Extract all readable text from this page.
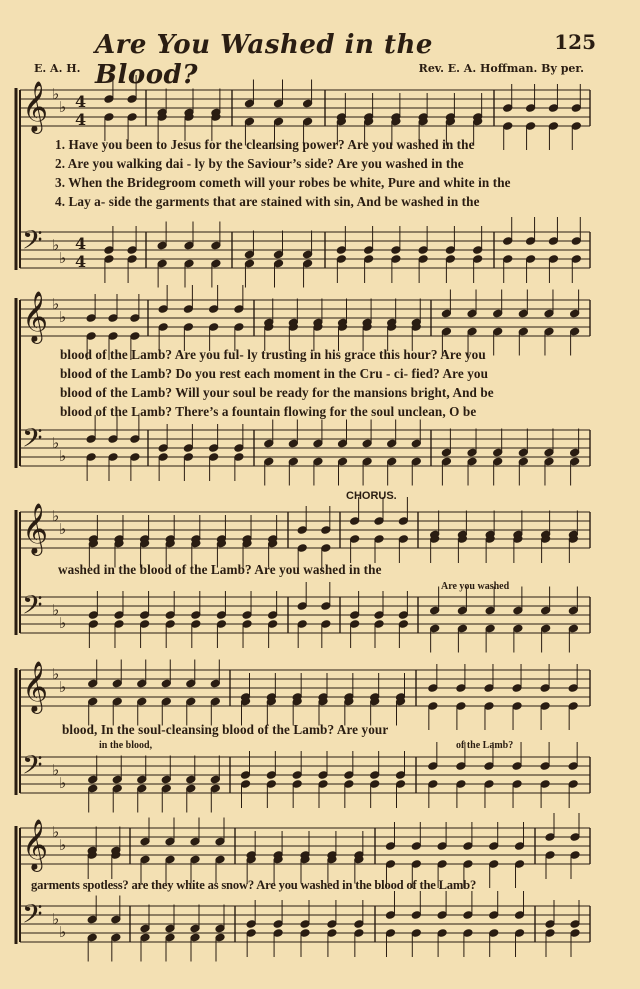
𝄞
𝄢
♭
♭
♭
♭
4
4
4
4
𝄞
𝄢
♭
♭
♭
♭
𝄞
𝄢
♭
♭
♭
♭
𝄞
𝄢
♭
♭
♭
♭
𝄞
𝄢
♭
♭
♭
♭
Are You Washed in the Blood?
125
E. A. H.	Rev. E. A. Hoffman. By per.
1. Have you been to Jesus for the cleansing power? Are you washed in the
2. Are you walking dai - ly by the Saviour’s side? Are you washed in the
3. When the Bridegroom cometh will your robes be white, Pure and white in the
4. Lay a- side the garments that are stained with sin, And be washed in the
blood of the Lamb? Are you ful- ly trusting in his grace this hour? Are you
blood of the Lamb? Do you rest each moment in the Cru - ci- fied? Are you
blood of the Lamb? Will your soul be ready for the mansions bright, And be
blood of the Lamb? There’s a fountain flowing for the soul unclean, O be
CHORUS.
washed in the blood of the Lamb? Are you washed in the
Are you washed
blood, In the soul-cleansing blood of the Lamb? Are your
in the blood,	of the Lamb?
garments spotless? are they white as snow? Are you washed in the blood of the Lamb?
